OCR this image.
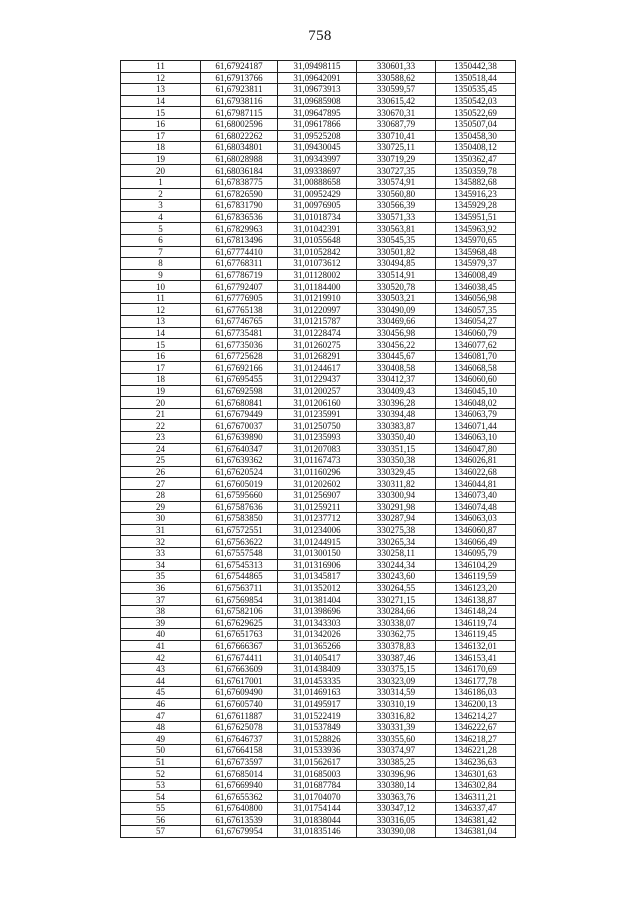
758
11	61,67924187	31,09498115	330601,33	1350442,38
12	61,67913766	31,09642091	330588,62	1350518,44
13	61,67923811	31,09673913	330599,57	1350535,45
14	61,67938116	31,09685908	330615,42	1350542,03
15	61,67987115	31,09647895	330670,31	1350522,69
16	61,68002596	31,09617866	330687,79	1350507,04
17	61,68022262	31,09525208	330710,41	1350458,30
18	61,68034801	31,09430045	330725,11	1350408,12
19	61,68028988	31,09343997	330719,29	1350362,47
20	61,68036184	31,09338697	330727,35	1350359,78
1	61,67838775	31,00888658	330574,91	1345882,68
2	61,67826590	31,00952429	330560,80	1345916,23
3	61,67831790	31,00976905	330566,39	1345929,28
4	61,67836536	31,01018734	330571,33	1345951,51
5	61,67829963	31,01042391	330563,81	1345963,92
6	61,67813496	31,01055648	330545,35	1345970,65
7	61,67774410	31,01052842	330501,82	1345968,48
8	61,67768311	31,01073612	330494,85	1345979,37
9	61,67786719	31,01128002	330514,91	1346008,49
10	61,67792407	31,01184400	330520,78	1346038,45
11	61,67776905	31,01219910	330503,21	1346056,98
12	61,67765138	31,01220997	330490,09	1346057,35
13	61,67746765	31,01215787	330469,66	1346054,27
14	61,67735481	31,01228474	330456,98	1346060,79
15	61,67735036	31,01260275	330456,22	1346077,62
16	61,67725628	31,01268291	330445,67	1346081,70
17	61,67692166	31,01244617	330408,58	1346068,58
18	61,67695455	31,01229437	330412,37	1346060,60
19	61,67692598	31,01200257	330409,43	1346045,10
20	61,67680841	31,01206160	330396,28	1346048,02
21	61,67679449	31,01235991	330394,48	1346063,79
22	61,67670037	31,01250750	330383,87	1346071,44
23	61,67639890	31,01235993	330350,40	1346063,10
24	61,67640347	31,01207083	330351,15	1346047,80
25	61,67639362	31,01167473	330350,38	1346026,81
26	61,67620524	31,01160296	330329,45	1346022,68
27	61,67605019	31,01202602	330311,82	1346044,81
28	61,67595660	31,01256907	330300,94	1346073,40
29	61,67587636	31,01259211	330291,98	1346074,48
30	61,67583850	31,01237712	330287,94	1346063,03
31	61,67572551	31,01234006	330275,38	1346060,87
32	61,67563622	31,01244915	330265,34	1346066,49
33	61,67557548	31,01300150	330258,11	1346095,79
34	61,67545313	31,01316906	330244,34	1346104,29
35	61,67544865	31,01345817	330243,60	1346119,59
36	61,67563711	31,01352012	330264,55	1346123,20
37	61,67569854	31,01381404	330271,15	1346138,87
38	61,67582106	31,01398696	330284,66	1346148,24
39	61,67629625	31,01343303	330338,07	1346119,74
40	61,67651763	31,01342026	330362,75	1346119,45
41	61,67666367	31,01365266	330378,83	1346132,01
42	61,67674411	31,01405417	330387,46	1346153,41
43	61,67663609	31,01438409	330375,15	1346170,69
44	61,67617001	31,01453335	330323,09	1346177,78
45	61,67609490	31,01469163	330314,59	1346186,03
46	61,67605740	31,01495917	330310,19	1346200,13
47	61,67611887	31,01522419	330316,82	1346214,27
48	61,67625078	31,01537849	330331,39	1346222,67
49	61,67646737	31,01528826	330355,60	1346218,27
50	61,67664158	31,01533936	330374,97	1346221,28
51	61,67673597	31,01562617	330385,25	1346236,63
52	61,67685014	31,01685003	330396,96	1346301,63
53	61,67669940	31,01687784	330380,14	1346302,84
54	61,67655362	31,01704070	330363,76	1346311,21
55	61,67640800	31,01754144	330347,12	1346337,47
56	61,67613539	31,01838044	330316,05	1346381,42
57	61,67679954	31,01835146	330390,08	1346381,04
